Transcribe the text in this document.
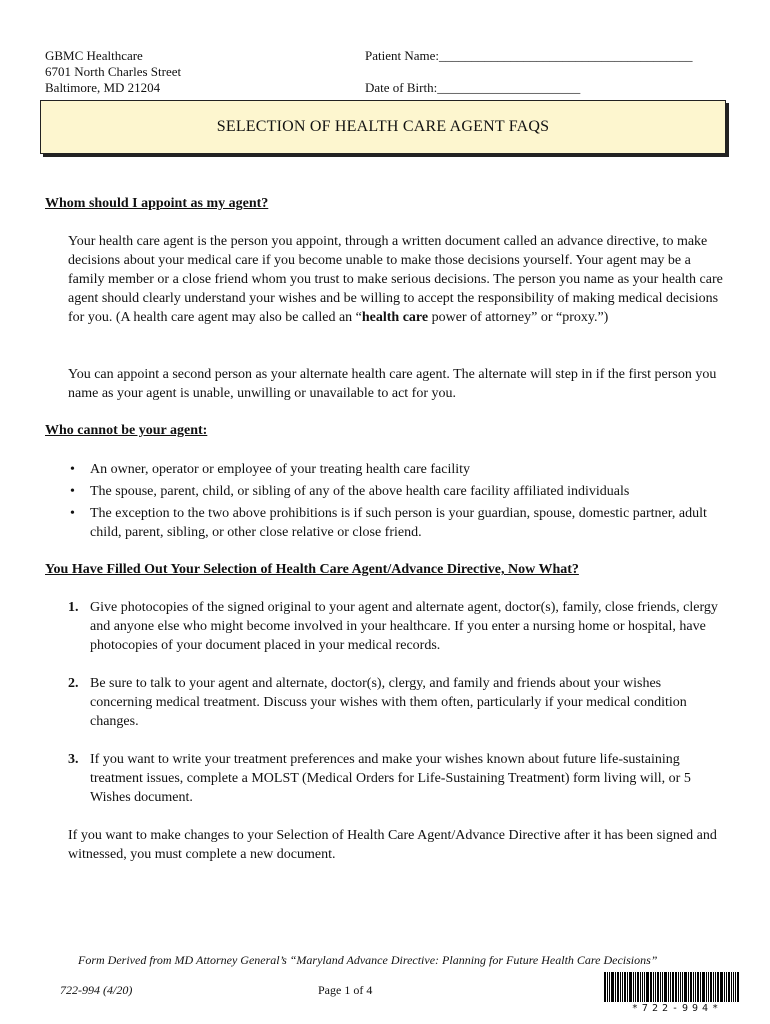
GBMC Healthcare
6701 North Charles Street
Baltimore, MD 21204
Patient Name:_______________________________________
Date of Birth:______________________
SELECTION OF HEALTH CARE AGENT FAQS
Whom should I appoint as my agent?
Your health care agent is the person you appoint, through a written document called an advance directive, to make decisions about your medical care if you become unable to make those decisions yourself. Your agent may be a family member or a close friend whom you trust to make serious decisions. The person you name as your health care agent should clearly understand your wishes and be willing to accept the responsibility of making medical decisions for you. (A health care agent may also be called an “health care power of attorney” or “proxy.”)
You can appoint a second person as your alternate health care agent. The alternate will step in if the first person you name as your agent is unable, unwilling or unavailable to act for you.
Who cannot be your agent:
• An owner, operator or employee of your treating health care facility
• The spouse, parent, child, or sibling of any of the above health care facility affiliated individuals
• The exception to the two above prohibitions is if such person is your guardian, spouse, domestic partner, adult child, parent, sibling, or other close relative or close friend.
You Have Filled Out Your Selection of Health Care Agent/Advance Directive, Now What?
1. Give photocopies of the signed original to your agent and alternate agent, doctor(s), family, close friends, clergy and anyone else who might become involved in your healthcare. If you enter a nursing home or hospital, have photocopies of your document placed in your medical records.
2. Be sure to talk to your agent and alternate, doctor(s), clergy, and family and friends about your wishes concerning medical treatment. Discuss your wishes with them often, particularly if your medical condition changes.
3. If you want to write your treatment preferences and make your wishes known about future life-sustaining treatment issues, complete a MOLST (Medical Orders for Life-Sustaining Treatment) form living will, or 5 Wishes document.
If you want to make changes to your Selection of Health Care Agent/Advance Directive after it has been signed and witnessed, you must complete a new document.
Form Derived from MD Attorney General’s “Maryland Advance Directive: Planning for Future Health Care Decisions”
722-994 (4/20)	Page 1 of 4
*722-994*
